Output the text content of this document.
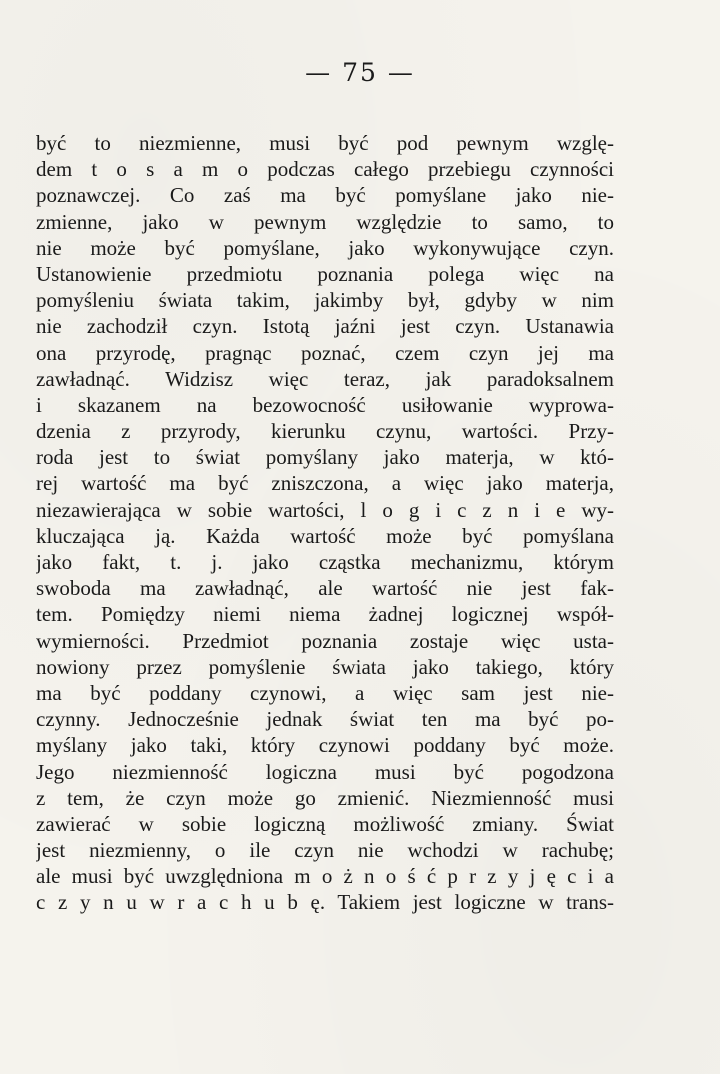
— 75 —
być to niezmienne, musi być pod pewnym wzglę-
dem t o s a m o podczas całego przebiegu czynności
poznawczej. Co zaś ma być pomyślane jako nie-
zmienne, jako w pewnym względzie to samo, to
nie może być pomyślane, jako wykonywujące czyn.
Ustanowienie przedmiotu poznania polega więc na
pomyśleniu świata takim, jakimby był, gdyby w nim
nie zachodził czyn. Istotą jaźni jest czyn. Ustanawia
ona przyrodę, pragnąc poznać, czem czyn jej ma
zawładnąć. Widzisz więc teraz, jak paradoksalnem
i skazanem na bezowocność usiłowanie wyprowa-
dzenia z przyrody, kierunku czynu, wartości. Przy-
roda jest to świat pomyślany jako materja, w któ-
rej wartość ma być zniszczona, a więc jako materja,
niezawierająca w sobie wartości, l o g i c z n i e wy-
kluczająca ją. Każda wartość może być pomyślana
jako fakt, t. j. jako cząstka mechanizmu, którym
swoboda ma zawładnąć, ale wartość nie jest fak-
tem. Pomiędzy niemi niema żadnej logicznej współ-
wymierności. Przedmiot poznania zostaje więc usta-
nowiony przez pomyślenie świata jako takiego, który
ma być poddany czynowi, a więc sam jest nie-
czynny. Jednocześnie jednak świat ten ma być po-
myślany jako taki, który czynowi poddany być może.
Jego niezmienność logiczna musi być pogodzona
z tem, że czyn może go zmienić. Niezmienność musi
zawierać w sobie logiczną możliwość zmiany. Świat
jest niezmienny, o ile czyn nie wchodzi w rachubę;
ale musi być uwzględniona m o ż n o ś ć p r z y j ę c i a
c z y n u w r a c h u b ę. Takiem jest logiczne w trans-
